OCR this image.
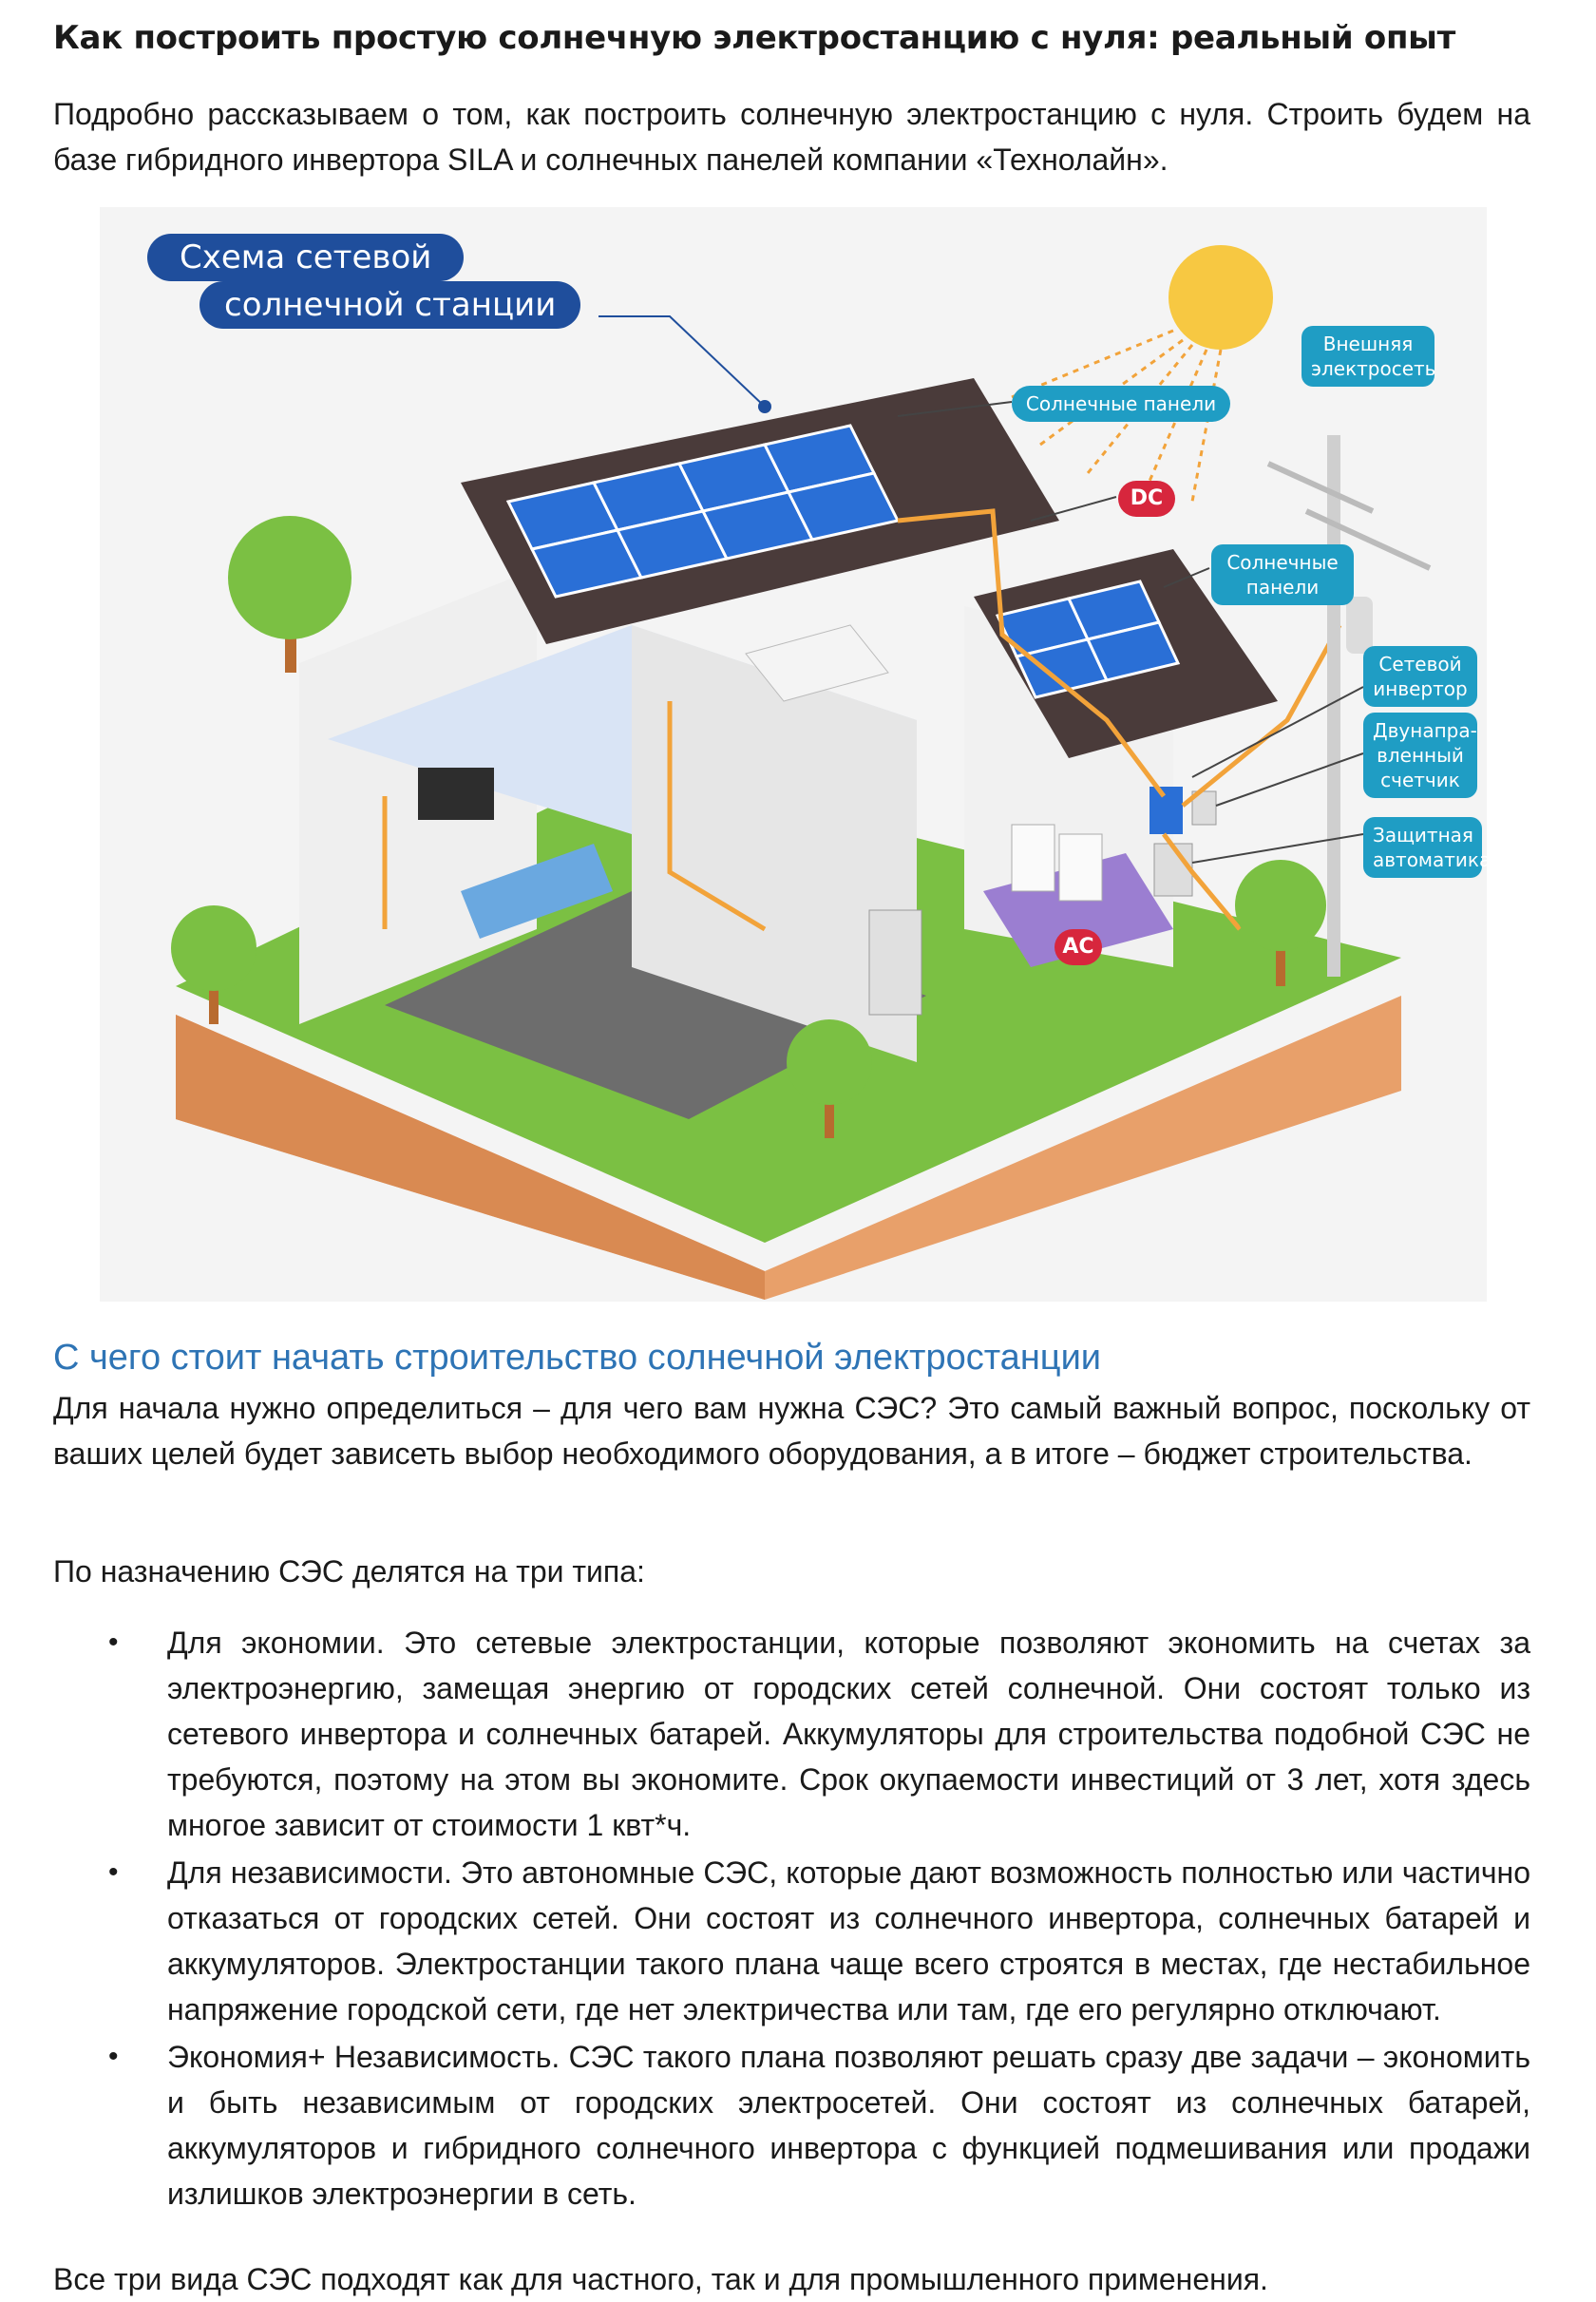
Как построить простую солнечную электростанцию с нуля: реальный опыт

Подробно рассказываем о том, как построить солнечную электростанцию с нуля. Строить будем на базе гибридного инвертора SILA и солнечных панелей компании «Технолайн».

Схема сетевой
солнечной станции
Внешняя электросеть
Солнечные панели
DC
Солнечные панели
Сетевой инвертор
Двунапра-вленный счетчик
Защитная автоматика
AC
С чего стоит начать строительство солнечной электростанции

Для начала нужно определиться – для чего вам нужна СЭС? Это самый важный вопрос, поскольку от ваших целей будет зависеть выбор необходимого оборудования, а в итоге – бюджет строительства.

По назначению СЭС делятся на три типа:

• Для экономии. Это сетевые электростанции, которые позволяют экономить на счетах за электроэнергию, замещая энергию от городских сетей солнечной. Они состоят только из сетевого инвертора и солнечных батарей. Аккумуляторы для строительства подобной СЭС не требуются, поэтому на этом вы экономите. Срок окупаемости инвестиций от 3 лет, хотя здесь многое зависит от стоимости 1 квт*ч.
• Для независимости. Это автономные СЭС, которые дают возможность полностью или частично отказаться от городских сетей. Они состоят из солнечного инвертора, солнечных батарей и аккумуляторов. Электростанции такого плана чаще всего строятся в местах, где нестабильное напряжение городской сети, где нет электричества или там, где его регулярно отключают.
• Экономия+ Независимость. СЭС такого плана позволяют решать сразу две задачи – экономить и быть независимым от городских электросетей. Они состоят из солнечных батарей, аккумуляторов и гибридного солнечного инвертора с функцией подмешивания или продажи излишков электроэнергии в сеть.

Все три вида СЭС подходят как для частного, так и для промышленного применения.
